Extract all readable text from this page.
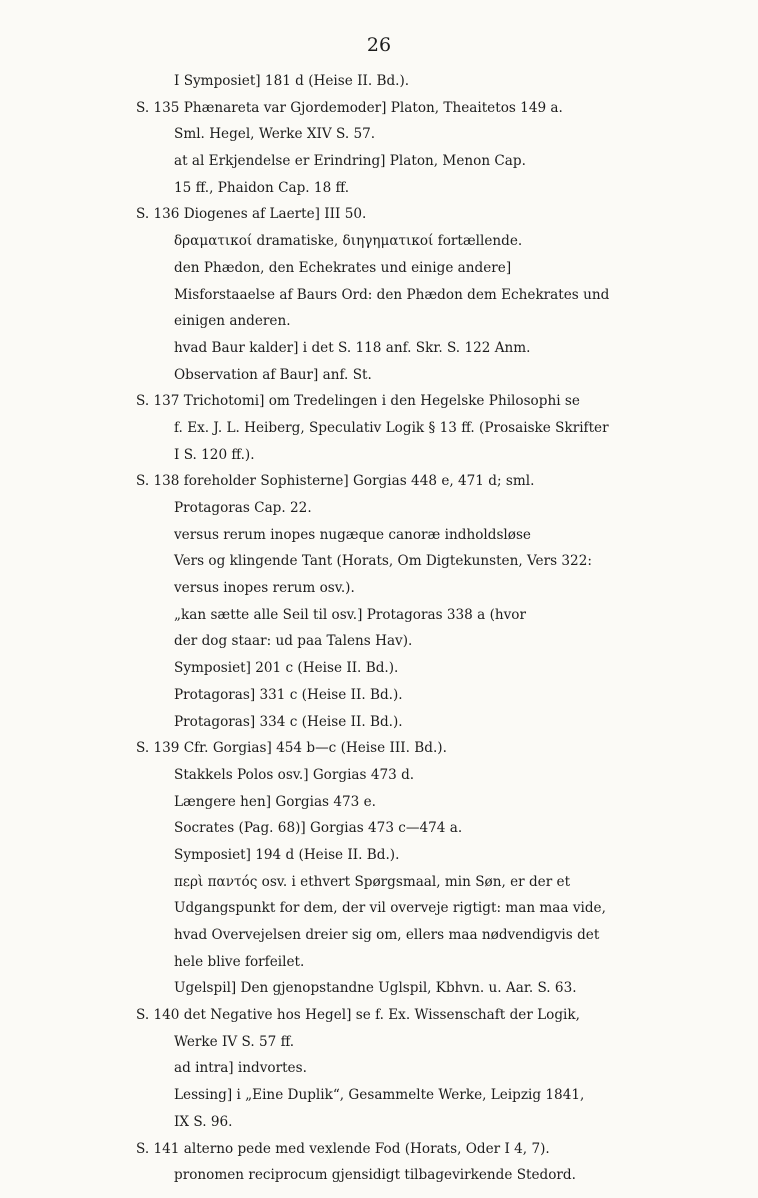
26
I Symposiet] 181 d (Heise II. Bd.).
S. 135 Phænareta var Gjordemoder] Platon, Theaitetos 149 a.
Sml. Hegel, Werke XIV S. 57.
at al Erkjendelse er Erindring] Platon, Menon Cap.
15 ff., Phaidon Cap. 18 ff.
S. 136 Diogenes af Laerte] III 50.
δραματικοί dramatiske, διηγηματικοί fortællende.
den Phædon, den Echekrates und einige andere]
Misforstaaelse af Baurs Ord: den Phædon dem Echekrates und
einigen anderen.
hvad Baur kalder] i det S. 118 anf. Skr. S. 122 Anm.
Observation af Baur] anf. St.
S. 137 Trichotomi] om Tredelingen i den Hegelske Philosophi se
f. Ex. J. L. Heiberg, Speculativ Logik § 13 ff. (Prosaiske Skrifter
I S. 120 ff.).
S. 138 foreholder Sophisterne] Gorgias 448 e, 471 d; sml.
Protagoras Cap. 22.
versus rerum inopes nugæque canoræ indholdsløse
Vers og klingende Tant (Horats, Om Digtekunsten, Vers 322:
versus inopes rerum osv.).
„kan sætte alle Seil til osv.] Protagoras 338 a (hvor
der dog staar: ud paa Talens Hav).
Symposiet] 201 c (Heise II. Bd.).
Protagoras] 331 c (Heise II. Bd.).
Protagoras] 334 c (Heise II. Bd.).
S. 139 Cfr. Gorgias] 454 b—c (Heise III. Bd.).
Stakkels Polos osv.] Gorgias 473 d.
Længere hen] Gorgias 473 e.
Socrates (Pag. 68)] Gorgias 473 c—474 a.
Symposiet] 194 d (Heise II. Bd.).
περὶ παντός osv. i ethvert Spørgsmaal, min Søn, er der et
Udgangspunkt for dem, der vil overveje rigtigt: man maa vide,
hvad Overvejelsen dreier sig om, ellers maa nødvendigvis det
hele blive forfeilet.
Ugelspil] Den gjenopstandne Uglspil, Kbhvn. u. Aar. S. 63.
S. 140 det Negative hos Hegel] se f. Ex. Wissenschaft der Logik,
Werke IV S. 57 ff.
ad intra] indvortes.
Lessing] i „Eine Duplik“, Gesammelte Werke, Leipzig 1841,
IX S. 96.
S. 141 alterno pede med vexlende Fod (Horats, Oder I 4, 7).
pronomen reciprocum gjensidigt tilbagevirkende Stedord.
